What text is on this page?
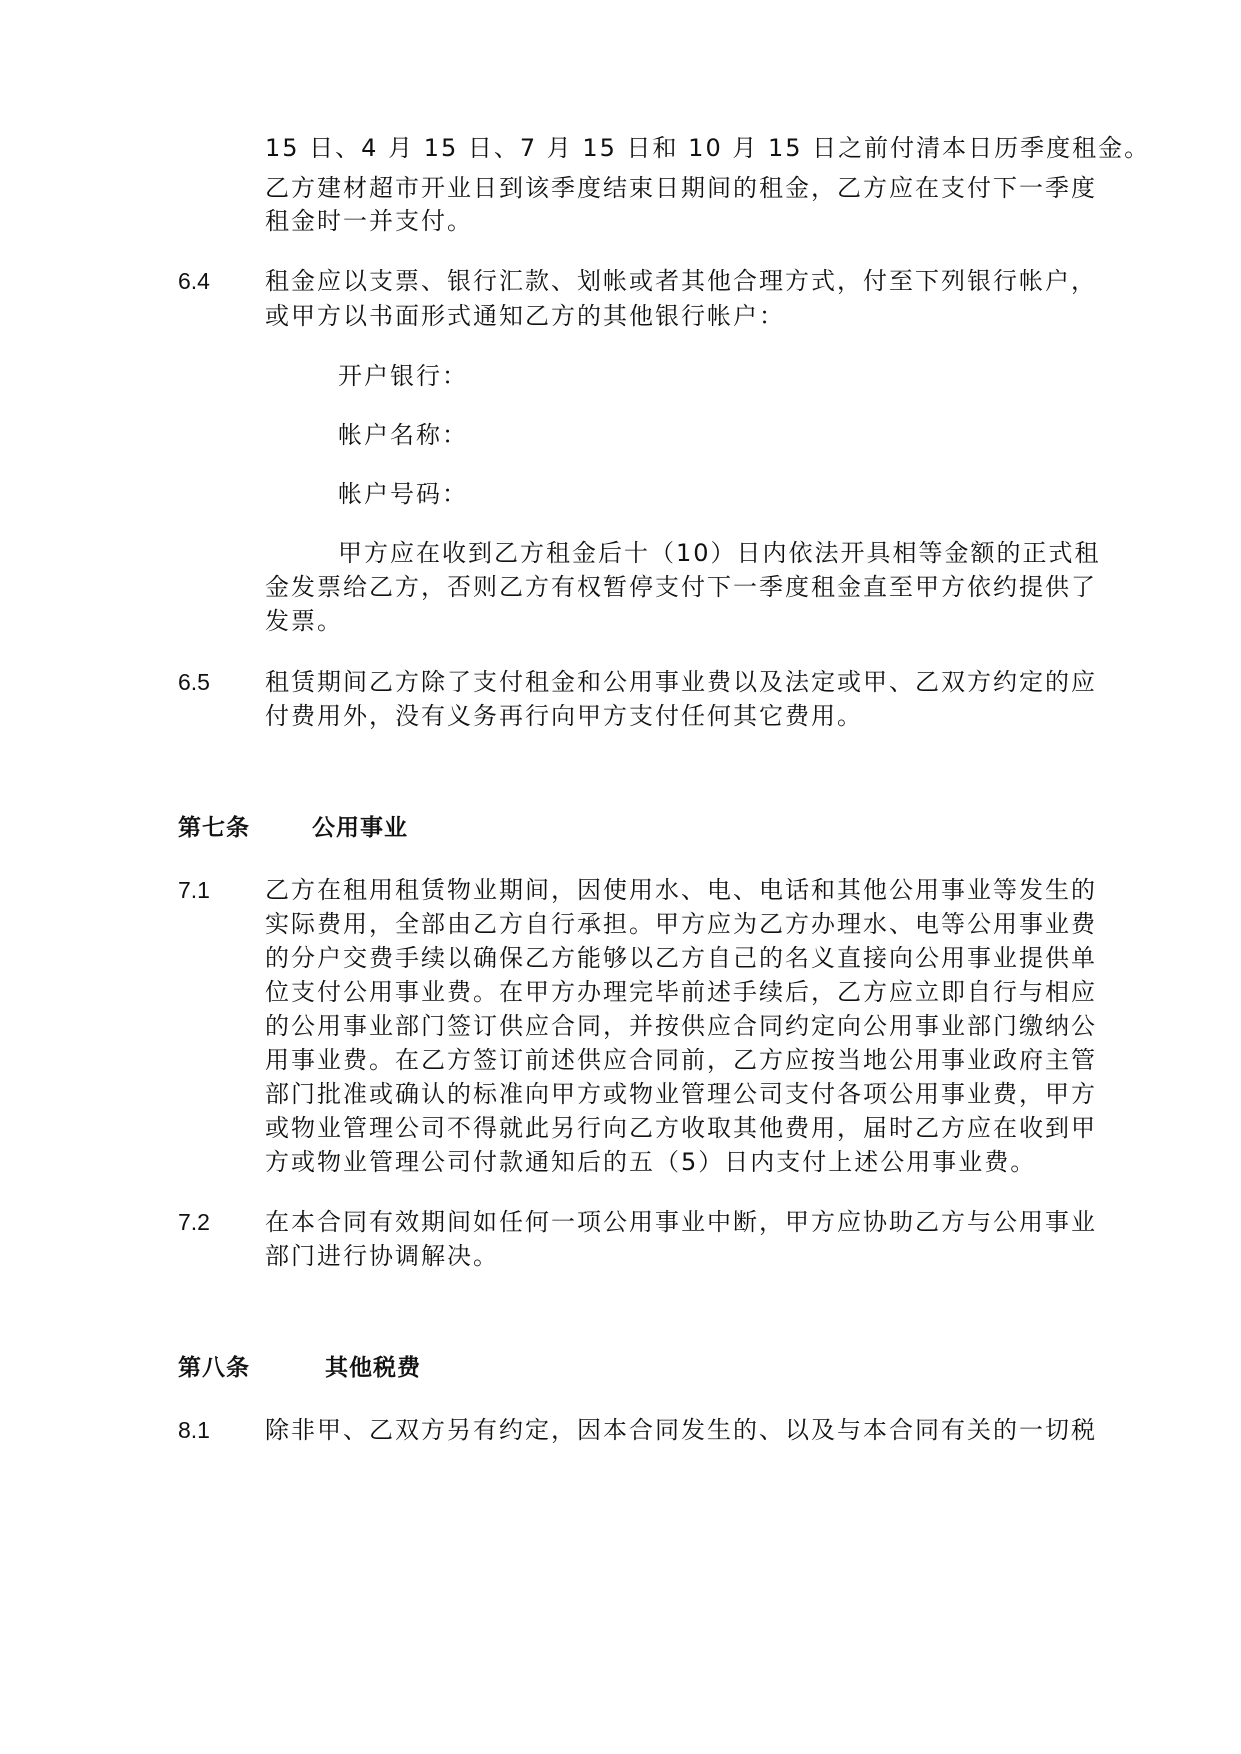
15 日、4 月 15 日、7 月 15 日和 10 月 15 日之前付清本日历季度租金。
乙方建材超市开业日到该季度结束日期间的租金，乙方应在支付下一季度
租金时一并支付。
6.4 租金应以支票、银行汇款、划帐或者其他合理方式，付至下列银行帐户，
或甲方以书面形式通知乙方的其他银行帐户：
开户银行：
帐户名称：
帐户号码：
甲方应在收到乙方租金后十（10）日内依法开具相等金额的正式租
金发票给乙方，否则乙方有权暂停支付下一季度租金直至甲方依约提供了
发票。
6.5 租赁期间乙方除了支付租金和公用事业费以及法定或甲、乙双方约定的应
付费用外，没有义务再行向甲方支付任何其它费用。
第七条	公用事业
7.1 乙方在租用租赁物业期间，因使用水、电、电话和其他公用事业等发生的
实际费用，全部由乙方自行承担。甲方应为乙方办理水、电等公用事业费
的分户交费手续以确保乙方能够以乙方自己的名义直接向公用事业提供单
位支付公用事业费。在甲方办理完毕前述手续后，乙方应立即自行与相应
的公用事业部门签订供应合同，并按供应合同约定向公用事业部门缴纳公
用事业费。在乙方签订前述供应合同前，乙方应按当地公用事业政府主管
部门批准或确认的标准向甲方或物业管理公司支付各项公用事业费，甲方
或物业管理公司不得就此另行向乙方收取其他费用，届时乙方应在收到甲
方或物业管理公司付款通知后的五（5）日内支付上述公用事业费。
7.2 在本合同有效期间如任何一项公用事业中断，甲方应协助乙方与公用事业
部门进行协调解决。
第八条	其他税费
8.1 除非甲、乙双方另有约定，因本合同发生的、以及与本合同有关的一切税
